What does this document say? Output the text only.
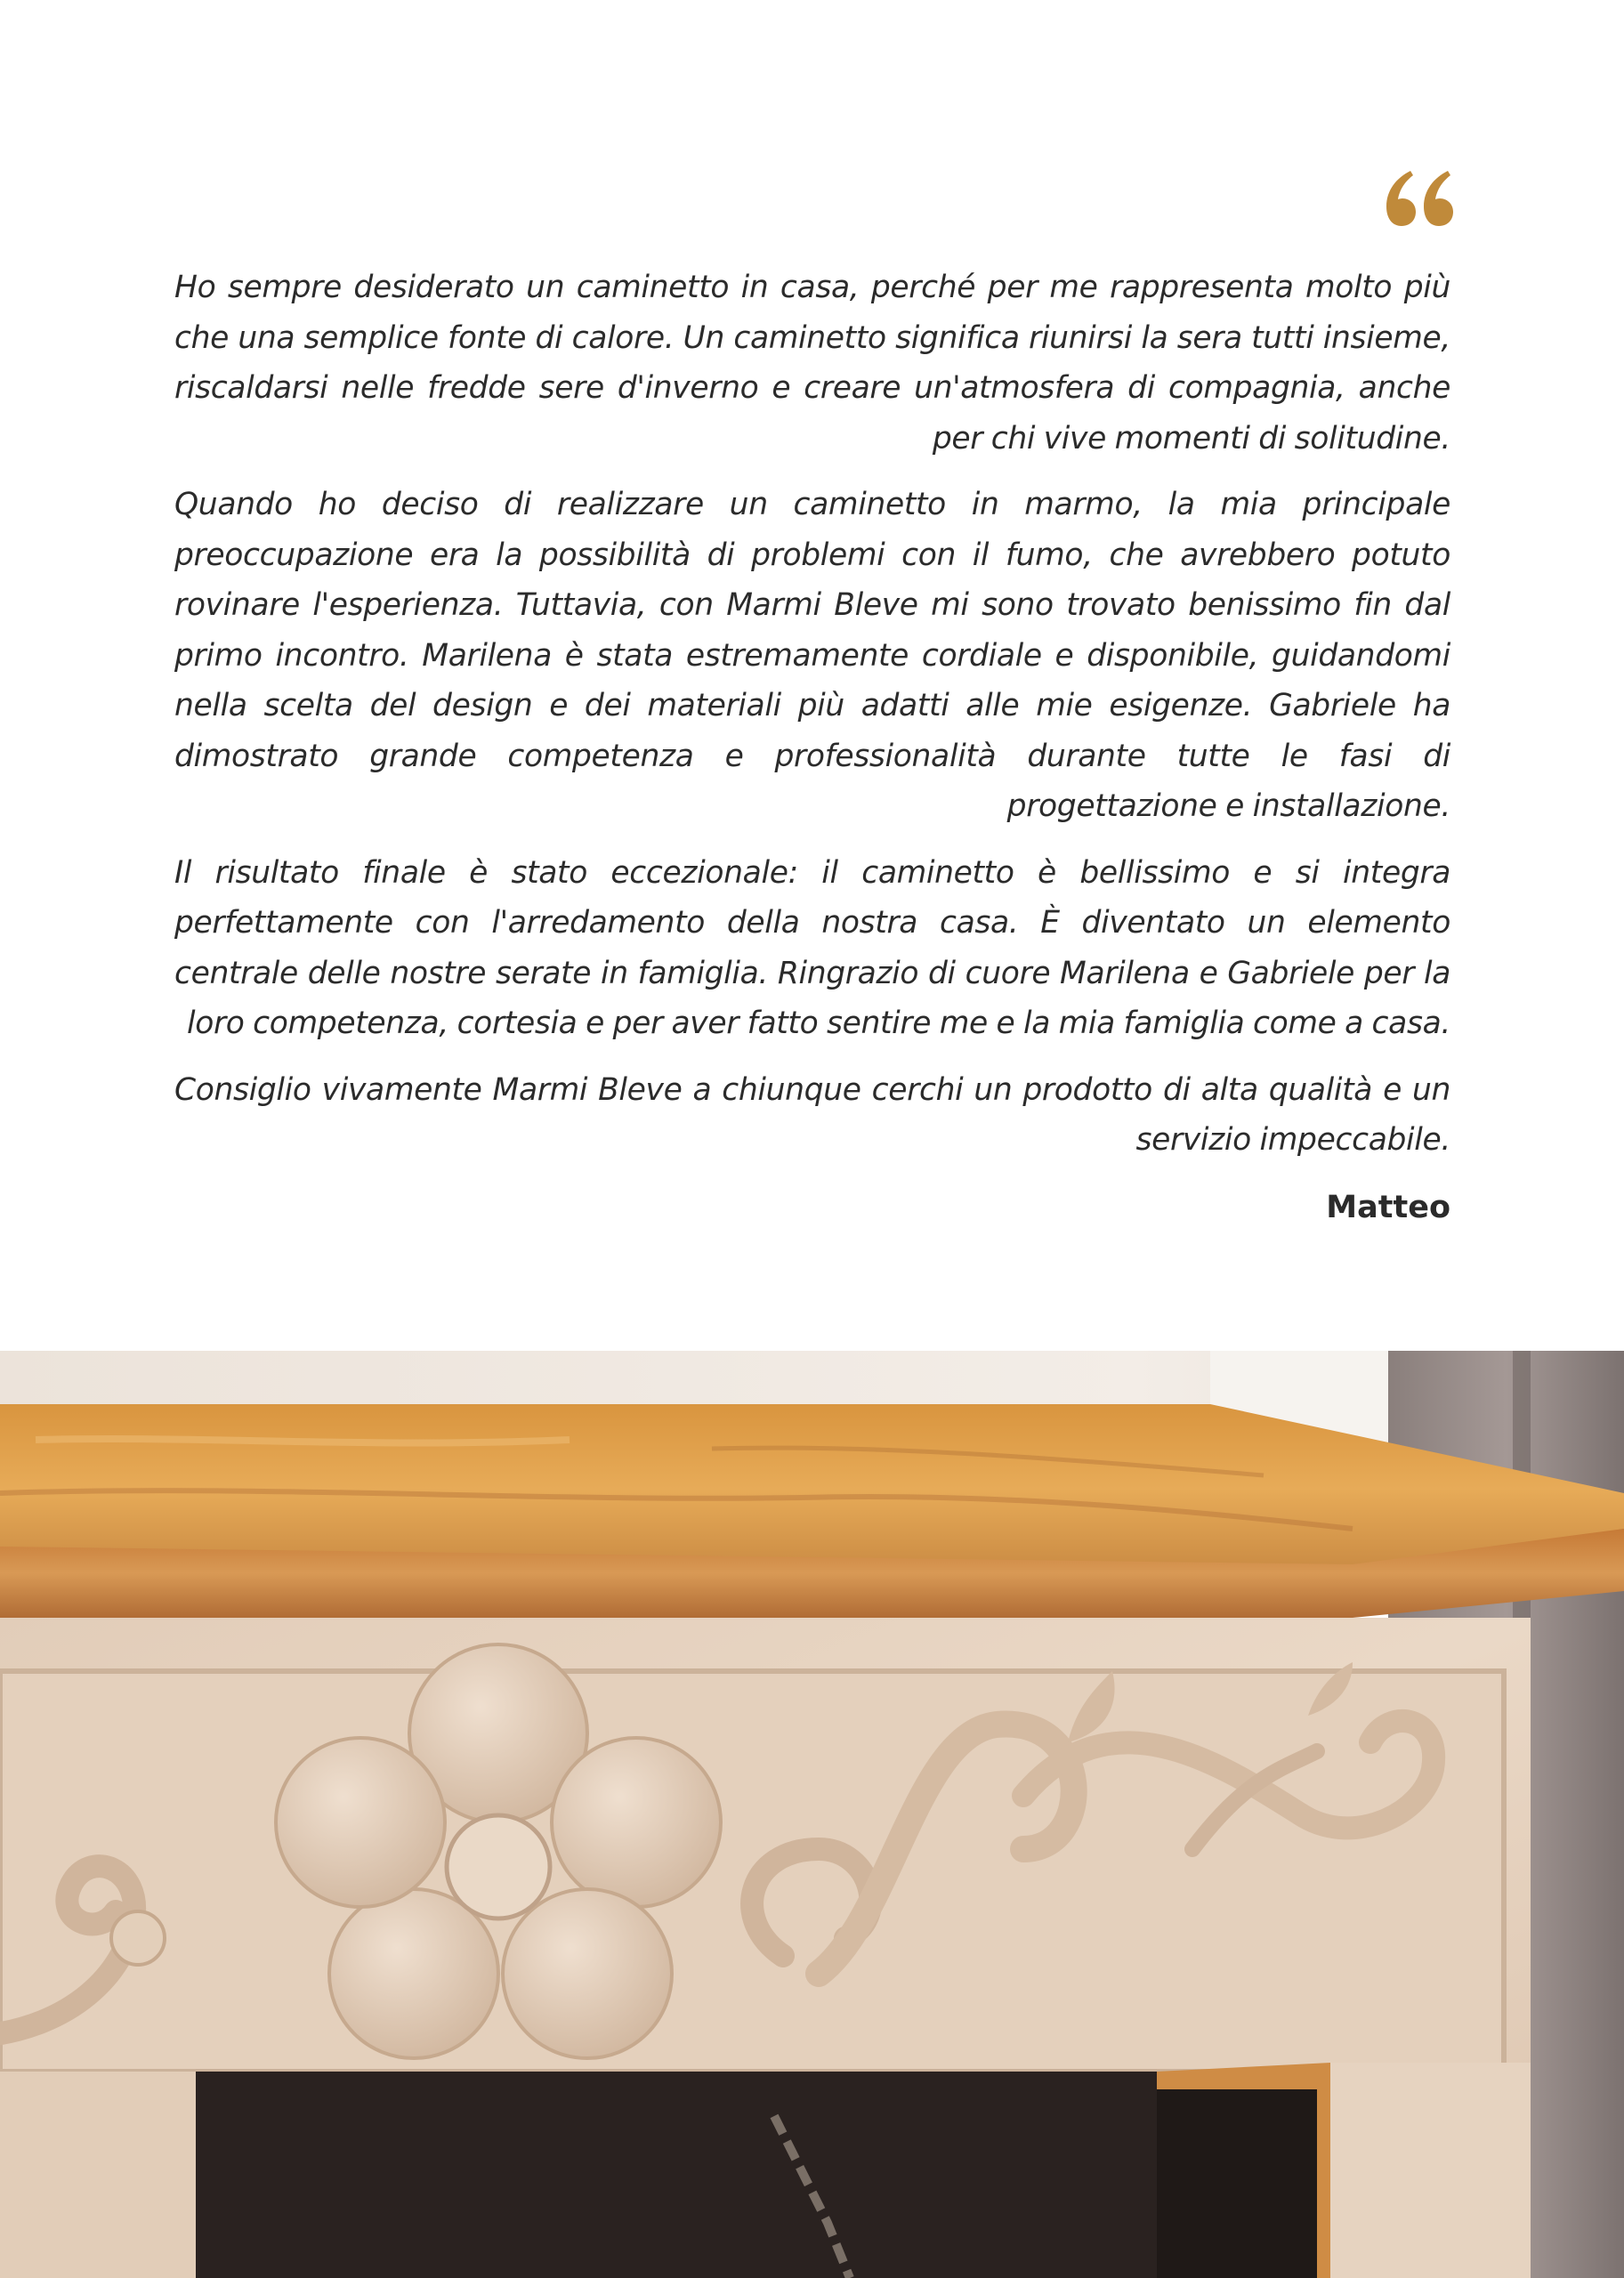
Ho sempre desiderato un caminetto in casa, perché per me rappresenta molto più che una semplice fonte di calore. Un caminetto significa riunirsi la sera tutti insieme, riscaldarsi nelle fredde sere d'inverno e creare un'atmosfera di compagnia, anche per chi vive momenti di solitudine.

Quando ho deciso di realizzare un caminetto in marmo, la mia principale preoccupazione era la possibilità di problemi con il fumo, che avrebbero potuto rovinare l'esperienza. Tuttavia, con Marmi Bleve mi sono trovato benissimo fin dal primo incontro. Marilena è stata estremamente cordiale e disponibile, guidandomi nella scelta del design e dei materiali più adatti alle mie esigenze. Gabriele ha dimostrato grande competenza e professionalità durante tutte le fasi di progettazione e installazione.

Il risultato finale è stato eccezionale: il caminetto è bellissimo e si integra perfettamente con l'arredamento della nostra casa. È diventato un elemento centrale delle nostre serate in famiglia. Ringrazio di cuore Marilena e Gabriele per la loro competenza, cortesia e per aver fatto sentire me e la mia famiglia come a casa.

Consiglio vivamente Marmi Bleve a chiunque cerchi un prodotto di alta qualità e un servizio impeccabile.

Matteo
